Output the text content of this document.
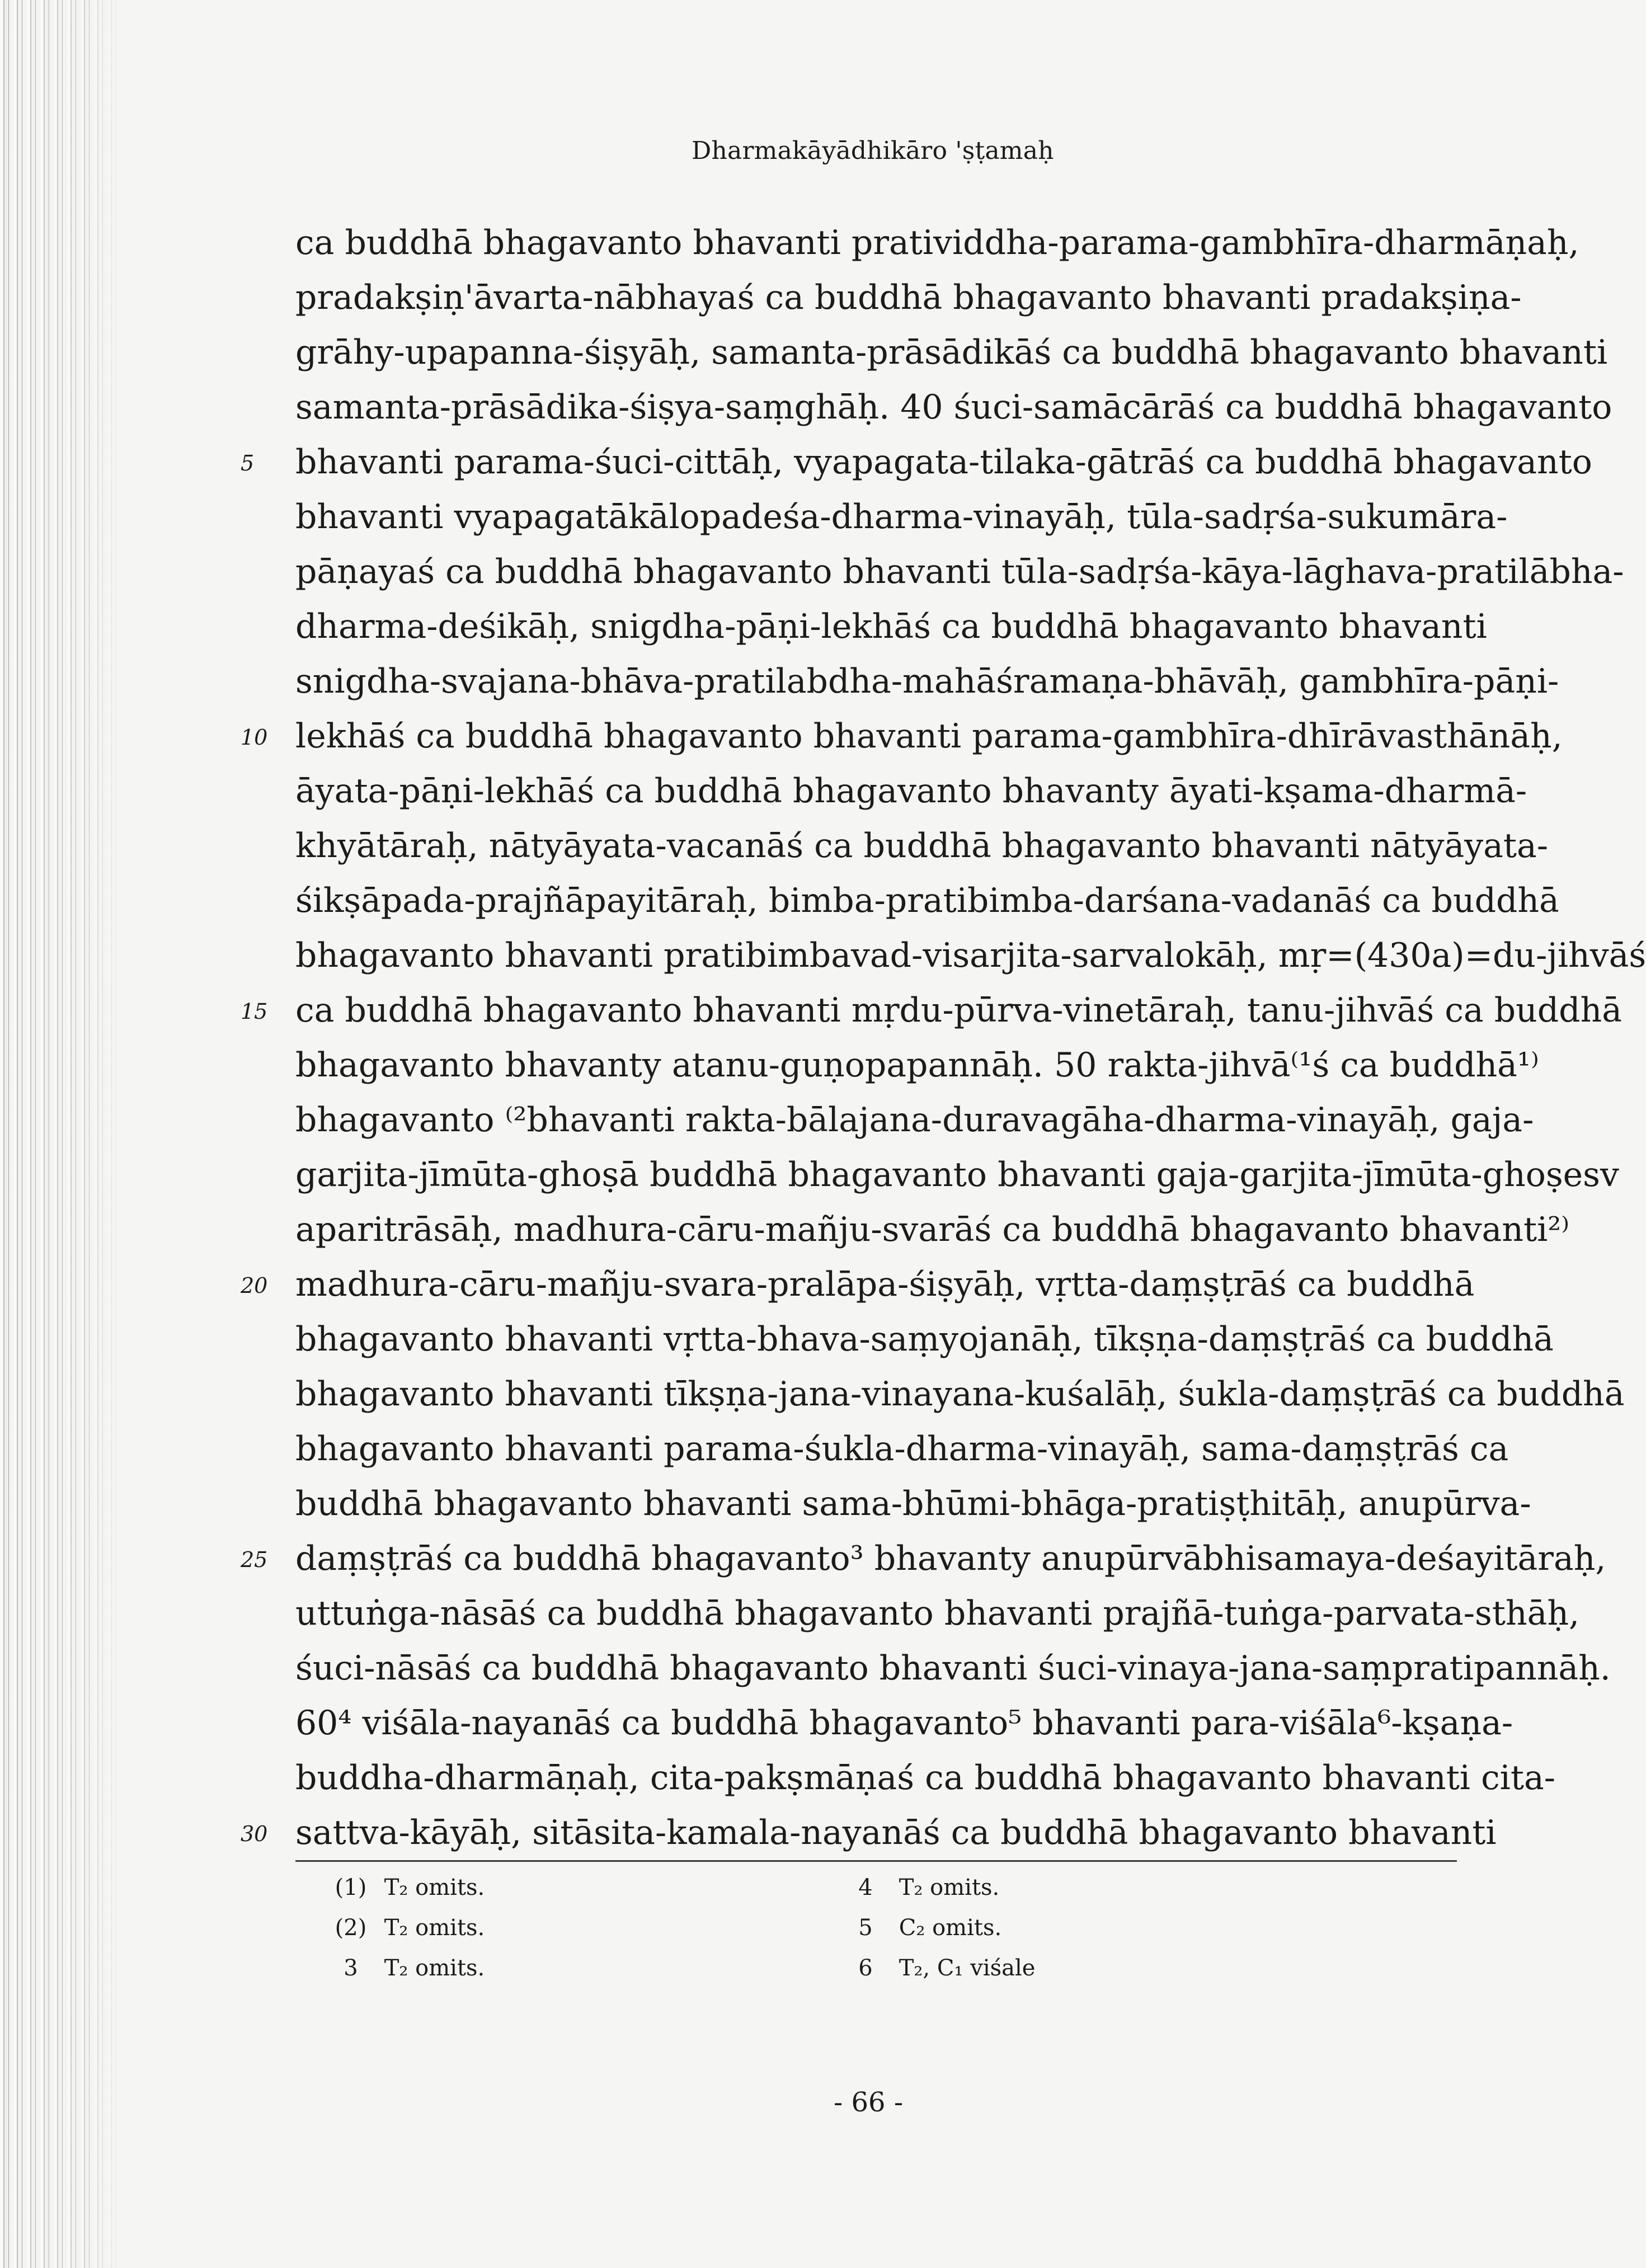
Dharmakāyādhikāro 'ṣṭamaḥ
ca buddhā bhagavanto bhavanti pratividdha-parama-gambhīra-dharmāṇaḥ,
pradakṣiṇ'āvarta-nābhayaś ca buddhā bhagavanto bhavanti pradakṣiṇa-
grāhy-upapanna-śiṣyāḥ, samanta-prāsādikāś ca buddhā bhagavanto bhavanti
samanta-prāsādika-śiṣya-saṃghāḥ. 40 śuci-samācārāś ca buddhā bhagavanto
bhavanti parama-śuci-cittāḥ, vyapagata-tilaka-gātrāś ca buddhā bhagavanto
bhavanti vyapagatākālopadeśa-dharma-vinayāḥ, tūla-sadṛśa-sukumāra-
pāṇayaś ca buddhā bhagavanto bhavanti tūla-sadṛśa-kāya-lāghava-pratilābha-
dharma-deśikāḥ, snigdha-pāṇi-lekhāś ca buddhā bhagavanto bhavanti
snigdha-svajana-bhāva-pratilabdha-mahāśramaṇa-bhāvāḥ, gambhīra-pāṇi-
lekhāś ca buddhā bhagavanto bhavanti parama-gambhīra-dhīrāvasthānāḥ,
āyata-pāṇi-lekhāś ca buddhā bhagavanto bhavanty āyati-kṣama-dharmā-
khyātāraḥ, nātyāyata-vacanāś ca buddhā bhagavanto bhavanti nātyāyata-
śikṣāpada-prajñāpayitāraḥ, bimba-pratibimba-darśana-vadanāś ca buddhā
bhagavanto bhavanti pratibimbavad-visarjita-sarvalokāḥ, mṛ=(430a)=du-jihvāś
ca buddhā bhagavanto bhavanti mṛdu-pūrva-vinetāraḥ, tanu-jihvāś ca buddhā
bhagavanto bhavanty atanu-guṇopapannāḥ. 50 rakta-jihvā⁽¹ś ca buddhā¹⁾
bhagavanto ⁽²bhavanti rakta-bālajana-duravagāha-dharma-vinayāḥ, gaja-
garjita-jīmūta-ghoṣā buddhā bhagavanto bhavanti gaja-garjita-jīmūta-ghoṣesv
aparitrāsāḥ, madhura-cāru-mañju-svarāś ca buddhā bhagavanto bhavanti²⁾
madhura-cāru-mañju-svara-pralāpa-śiṣyāḥ, vṛtta-daṃṣṭrāś ca buddhā
bhagavanto bhavanti vṛtta-bhava-saṃyojanāḥ, tīkṣṇa-daṃṣṭrāś ca buddhā
bhagavanto bhavanti tīkṣṇa-jana-vinayana-kuśalāḥ, śukla-daṃṣṭrāś ca buddhā
bhagavanto bhavanti parama-śukla-dharma-vinayāḥ, sama-daṃṣṭrāś ca
buddhā bhagavanto bhavanti sama-bhūmi-bhāga-pratiṣṭhitāḥ, anupūrva-
daṃṣṭrāś ca buddhā bhagavanto³ bhavanty anupūrvābhisamaya-deśayitāraḥ,
uttuṅga-nāsāś ca buddhā bhagavanto bhavanti prajñā-tuṅga-parvata-sthāḥ,
śuci-nāsāś ca buddhā bhagavanto bhavanti śuci-vinaya-jana-saṃpratipannāḥ.
60⁴ viśāla-nayanāś ca buddhā bhagavanto⁵ bhavanti para-viśāla⁶-kṣaṇa-
buddha-dharmāṇaḥ, cita-pakṣmāṇaś ca buddhā bhagavanto bhavanti cita-
sattva-kāyāḥ, sitāsita-kamala-nayanāś ca buddhā bhagavanto bhavanti
5
10
15
20
25
30
(1) T₂ omits.
(2) T₂ omits.
3 T₂ omits.
4 T₂ omits.
5 C₂ omits.
6 T₂, C₁ viśale
- 66 -
